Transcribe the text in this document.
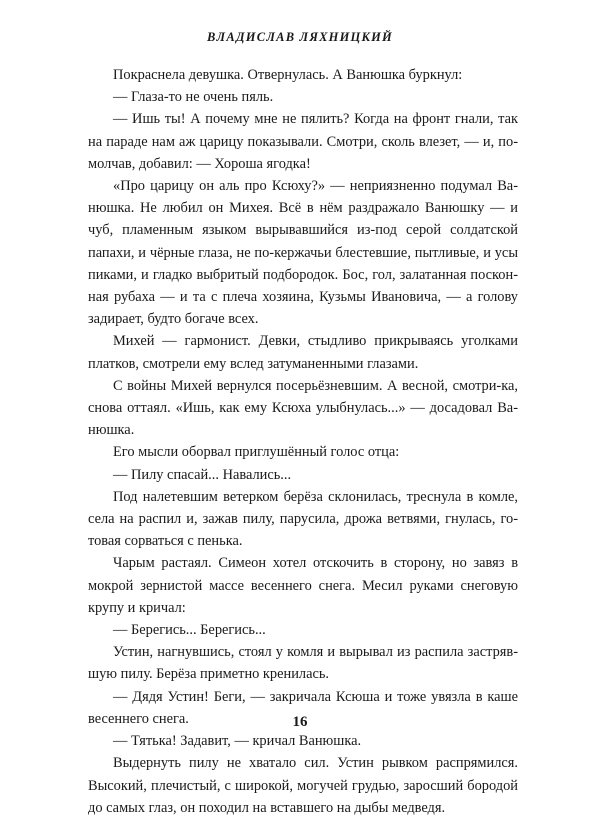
ВЛАДИСЛАВ ЛЯХНИЦКИЙ

Покраснела девушка. Отвернулась. А Ванюшка буркнул:

— Глаза-то не очень пяль.

— Ишь ты! А почему мне не пялить? Когда на фронт гнали, так на параде нам аж царицу показывали. Смотри, сколь влезет, — и, помолчав, добавил: — Хороша ягодка!

«Про царицу он аль про Ксюху?» — неприязненно подумал Ванюшка. Не любил он Михея. Всё в нём раздражало Ванюшку — и чуб, пламенным языком вырывавшийся из-под серой солдатской папахи, и чёрные глаза, не по-кержачьи блестевшие, пытливые, и усы пиками, и гладко выбритый подбородок. Бос, гол, залатанная посконная рубаха — и та с плеча хозяина, Кузьмы Ивановича, — а голову задирает, будто богаче всех.

Михей — гармонист. Девки, стыдливо прикрываясь уголками платков, смотрели ему вслед затуманенными глазами.

С войны Михей вернулся посерьёзневшим. А весной, смотри-ка, снова оттаял. «Ишь, как ему Ксюха улыбнулась...» — досадовал Ванюшка.

Его мысли оборвал приглушённый голос отца:

— Пилу спасай... Навались...

Под налетевшим ветерком берёза склонилась, треснула в комле, села на распил и, зажав пилу, парусила, дрожа ветвями, гнулась, готовая сорваться с пенька.

Чарым растаял. Симеон хотел отскочить в сторону, но завяз в мокрой зернистой массе весеннего снега. Месил руками снеговую крупу и кричал:

— Берегись... Берегись...

Устин, нагнувшись, стоял у комля и вырывал из распила застрявшую пилу. Берёза приметно кренилась.

— Дядя Устин! Беги, — закричала Ксюша и тоже увязла в каше весеннего снега.

— Тятька! Задавит, — кричал Ванюшка.

Выдернуть пилу не хватало сил. Устин рывком распрямился. Высокий, плечистый, с широкой, могучей грудью, заросший бородой до самых глаз, он походил на вставшего на дыбы медведя.

16
